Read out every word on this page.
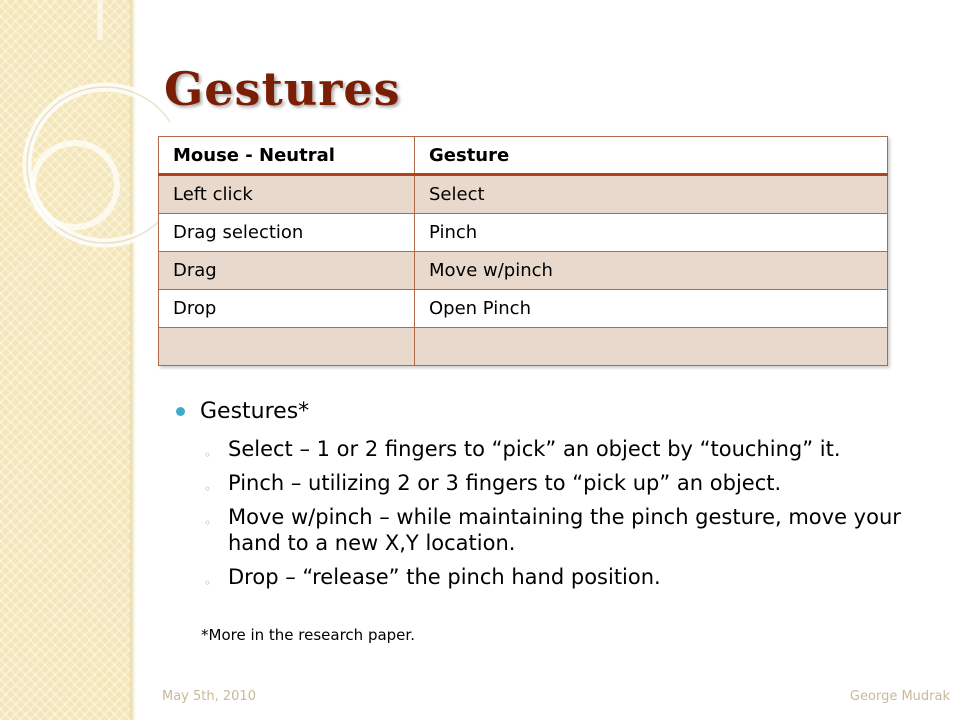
Gestures
Mouse - Neutral	Gesture
Left click	Select
Drag selection	Pinch
Drag	Move w/pinch
Drop	Open Pinch

Gestures*
◦ Select – 1 or 2 fingers to “pick” an object by “touching” it.
◦ Pinch – utilizing 2 or 3 fingers to “pick up” an object.
◦ Move w/pinch – while maintaining the pinch gesture, move your hand to a new X,Y location.
◦ Drop – “release” the pinch hand position.
*More in the research paper.
May 5th, 2010	George Mudrak
